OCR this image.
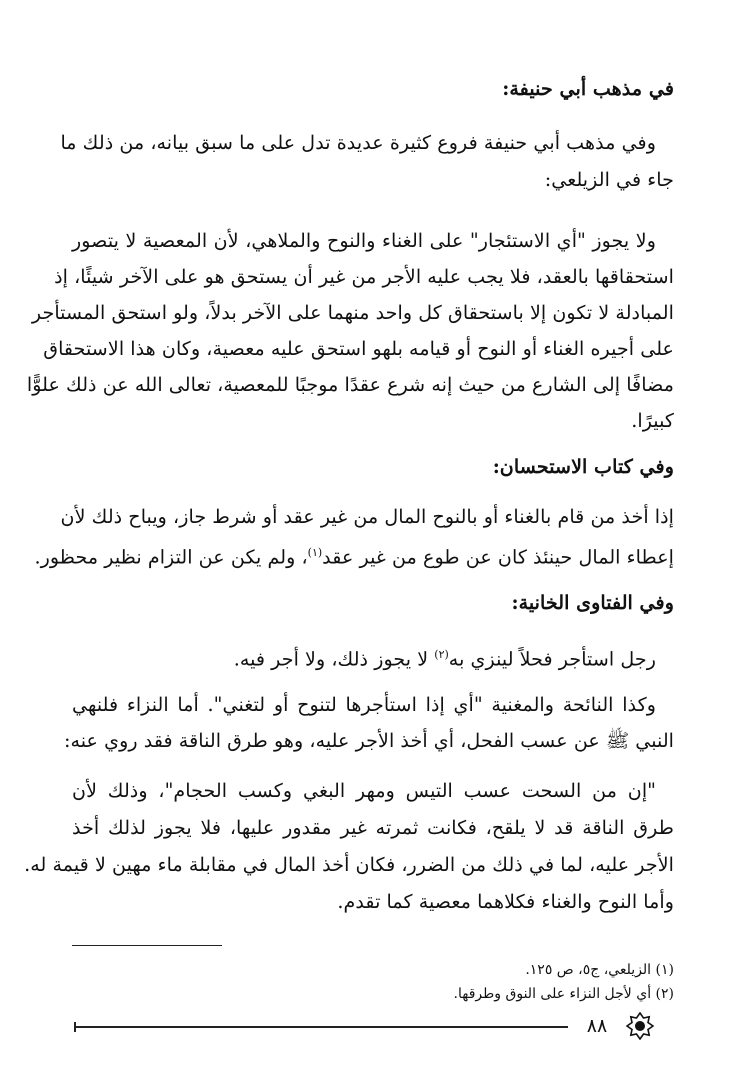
في مذهب أبي حنيفة:
وفي مذهب أبي حنيفة فروع كثيرة عديدة تدل على ما سبق بيانه، من ذلك ما
جاء في الزيلعي:
ولا يجوز "أي الاستئجار" على الغناء والنوح والملاهي، لأن المعصية لا يتصور
استحقاقها بالعقد، فلا يجب عليه الأجر من غير أن يستحق هو على الآخر شيئًا، إذ
المبادلة لا تكون إلا باستحقاق كل واحد منهما على الآخر بدلاً، ولو استحق المستأجر
على أجيره الغناء أو النوح أو قيامه بلهو استحق عليه معصية، وكان هذا الاستحقاق
مضافًا إلى الشارع من حيث إنه شرع عقدًا موجبًا للمعصية، تعالى الله عن ذلك علوًّا
كبيرًا.
وفي كتاب الاستحسان:
إذا أخذ من قام بالغناء أو بالنوح المال من غير عقد أو شرط جاز، ويباح ذلك لأن
إعطاء المال حينئذ كان عن طوع من غير عقد$^{(١)}$، ولم يكن عن التزام نظير محظور.
وفي الفتاوى الخانية:
رجل استأجر فحلاً لينزي به$^{(٢)}$ لا يجوز ذلك، ولا أجر فيه.
وكذا النائحة والمغنية "أي إذا استأجرها لتنوح أو لتغني". أما النزاء فلنهي
النبي ﷺ عن عسب الفحل، أي أخذ الأجر عليه، وهو طرق الناقة فقد روي عنه:
"إن من السحت عسب التيس ومهر البغي وكسب الحجام"، وذلك لأن
طرق الناقة قد لا يلقح، فكانت ثمرته غير مقدور عليها، فلا يجوز لذلك أخذ
الأجر عليه، لما في ذلك من الضرر، فكان أخذ المال في مقابلة ماء مهين لا قيمة له.
وأما النوح والغناء فكلاهما معصية كما تقدم.
(١) الزيلعي، ج٥، ص ١٢٥.
(٢) أي لأجل النزاء على النوق وطرقها.
٨٨
